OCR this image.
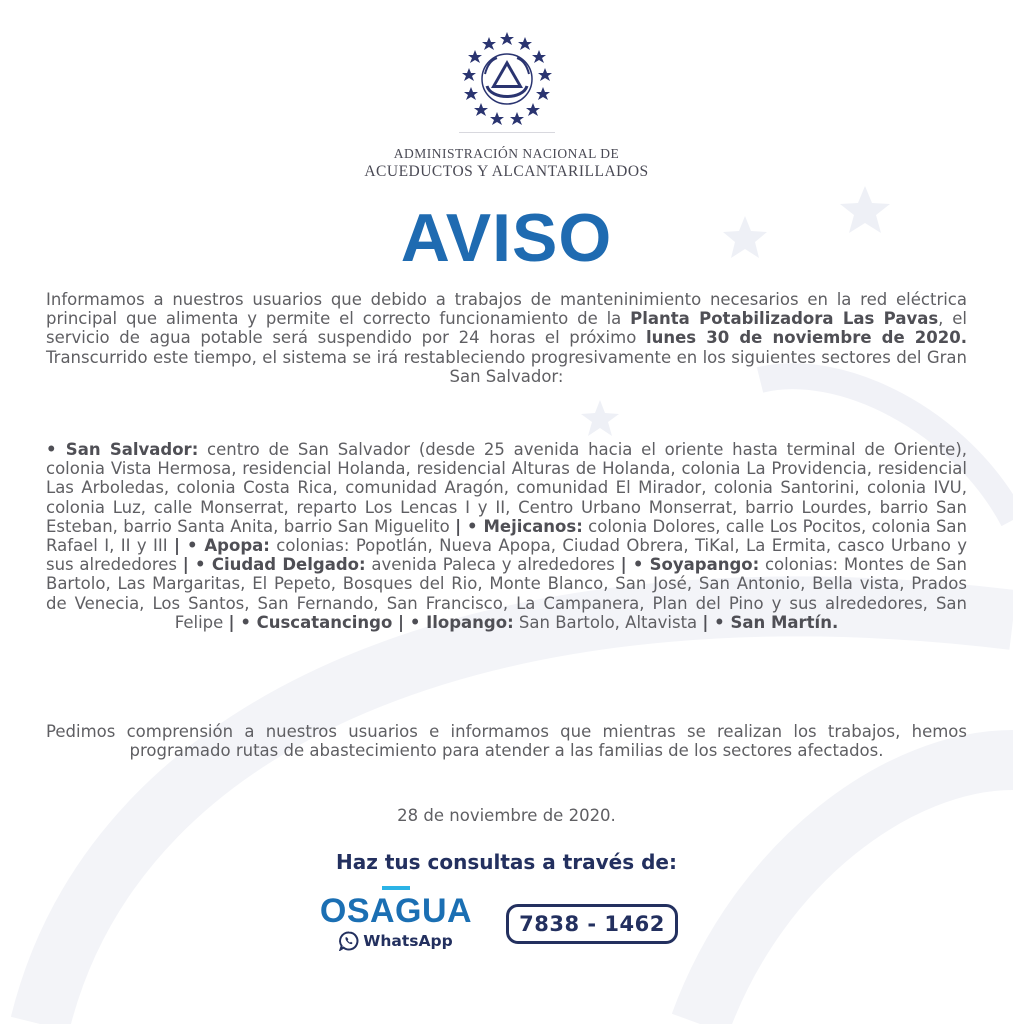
ADMINISTRACIÓN NACIONAL DE
ACUEDUCTOS Y ALCANTARILLADOS
AVISO
Informamos a nuestros usuarios que debido a trabajos de manteninimiento necesarios en la red eléctrica principal que alimenta y permite el correcto funcionamiento de la Planta Potabilizadora Las Pavas, el servicio de agua potable será suspendido por 24 horas el próximo lunes 30 de noviembre de 2020. Transcurrido este tiempo, el sistema se irá restableciendo progresivamente en los siguientes sectores del Gran San Salvador:
• San Salvador: centro de San Salvador (desde 25 avenida hacia el oriente hasta terminal de Oriente), colonia Vista Hermosa, residencial Holanda, residencial Alturas de Holanda, colonia La Providencia, residencial Las Arboledas, colonia Costa Rica, comunidad Aragón, comunidad El Mirador, colonia Santorini, colonia IVU, colonia Luz, calle Monserrat, reparto Los Lencas I y II, Centro Urbano Monserrat, barrio Lourdes, barrio San Esteban, barrio Santa Anita, barrio San Miguelito | • Mejicanos: colonia Dolores, calle Los Pocitos, colonia San Rafael I, II y III | • Apopa: colonias: Popotlán, Nueva Apopa, Ciudad Obrera, TiKal, La Ermita, casco Urbano y sus alrededores | • Ciudad Delgado: avenida Paleca y alrededores | • Soyapango: colonias: Montes de San Bartolo, Las Margaritas, El Pepeto, Bosques del Rio, Monte Blanco, San José, San Antonio, Bella vista, Prados de Venecia, Los Santos, San Fernando, San Francisco, La Campanera, Plan del Pino y sus alrededores, San Felipe | • Cuscatancingo | • Ilopango: San Bartolo, Altavista | • San Martín.
Pedimos comprensión a nuestros usuarios e informamos que mientras se realizan los trabajos, hemos programado rutas de abastecimiento para atender a las familias de los sectores afectados.
28 de noviembre de 2020.
Haz tus consultas a través de:
OSAGUA
WhatsApp
7838 - 1462
